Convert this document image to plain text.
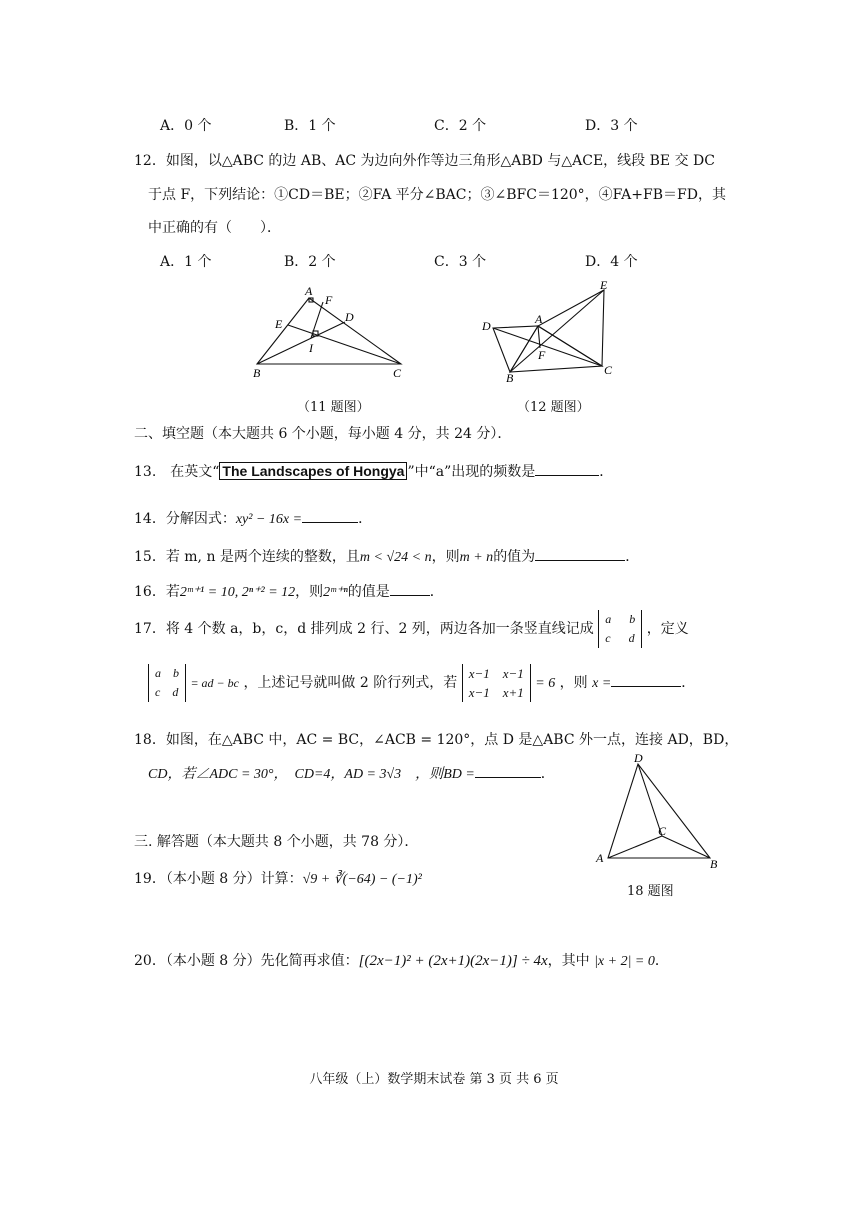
A．0 个	B．1 个	C．2 个	D．3 个
12．如图，以△ABC 的边 AB、AC 为边向外作等边三角形△ABD 与△ACE，线段 BE 交 DC
于点 F，下列结论：①CD＝BE；②FA 平分∠BAC；③∠BFC＝120°，④FA+FB＝FD，其
中正确的有（　　）．
A．1 个	B．2 个	C．3 个	D．4 个
A
F
D
E
I
B	C
（11 题图）
D	A
E
F
B
C
（12 题图）
二、填空题（本大题共 6 个小题，每小题 4 分，共 24 分）．
13.　在英文“ The Landscapes of Hongya ”中“a”出现的频数是	．
14．分解因式：xy² − 16x =	．
15．若 m, n 是两个连续的整数，且m < √24 < n，则m + n的值为	．
16．若2ᵐ⁺¹ = 10, 2ⁿ⁺² = 12，则2ᵐ⁺ⁿ的值是	．
17．将 4 个数 a，b，c，d 排列成 2 行、2 列，两边各加一条竖直线记成
a   b
c   d
，定义
a  b
c  d
= ad − bc ，上述记号就叫做 2 阶行列式，若
x−1   x−1
x−1   x+1
= 6 ，则 x =	．
18．如图，在△ABC 中，AC = BC，∠ACB = 120°，点 D 是△ABC 外一点，连接 AD，BD，
CD，若∠ADC = 30°，　CD=4，AD = 3√3　，则BD =	．
D
C
A	B
18 题图
三. 解答题（本大题共 8 个小题，共 78 分）．
19．（本小题 8 分）计算：√9 + ∛(−64) − (−1)²
20．（本小题 8 分）先化简再求值：[(2x−1)² + (2x+1)(2x−1)] ÷ 4x，其中 |x + 2| = 0．
八年级（上）数学期末试卷 第 3 页 共 6 页
